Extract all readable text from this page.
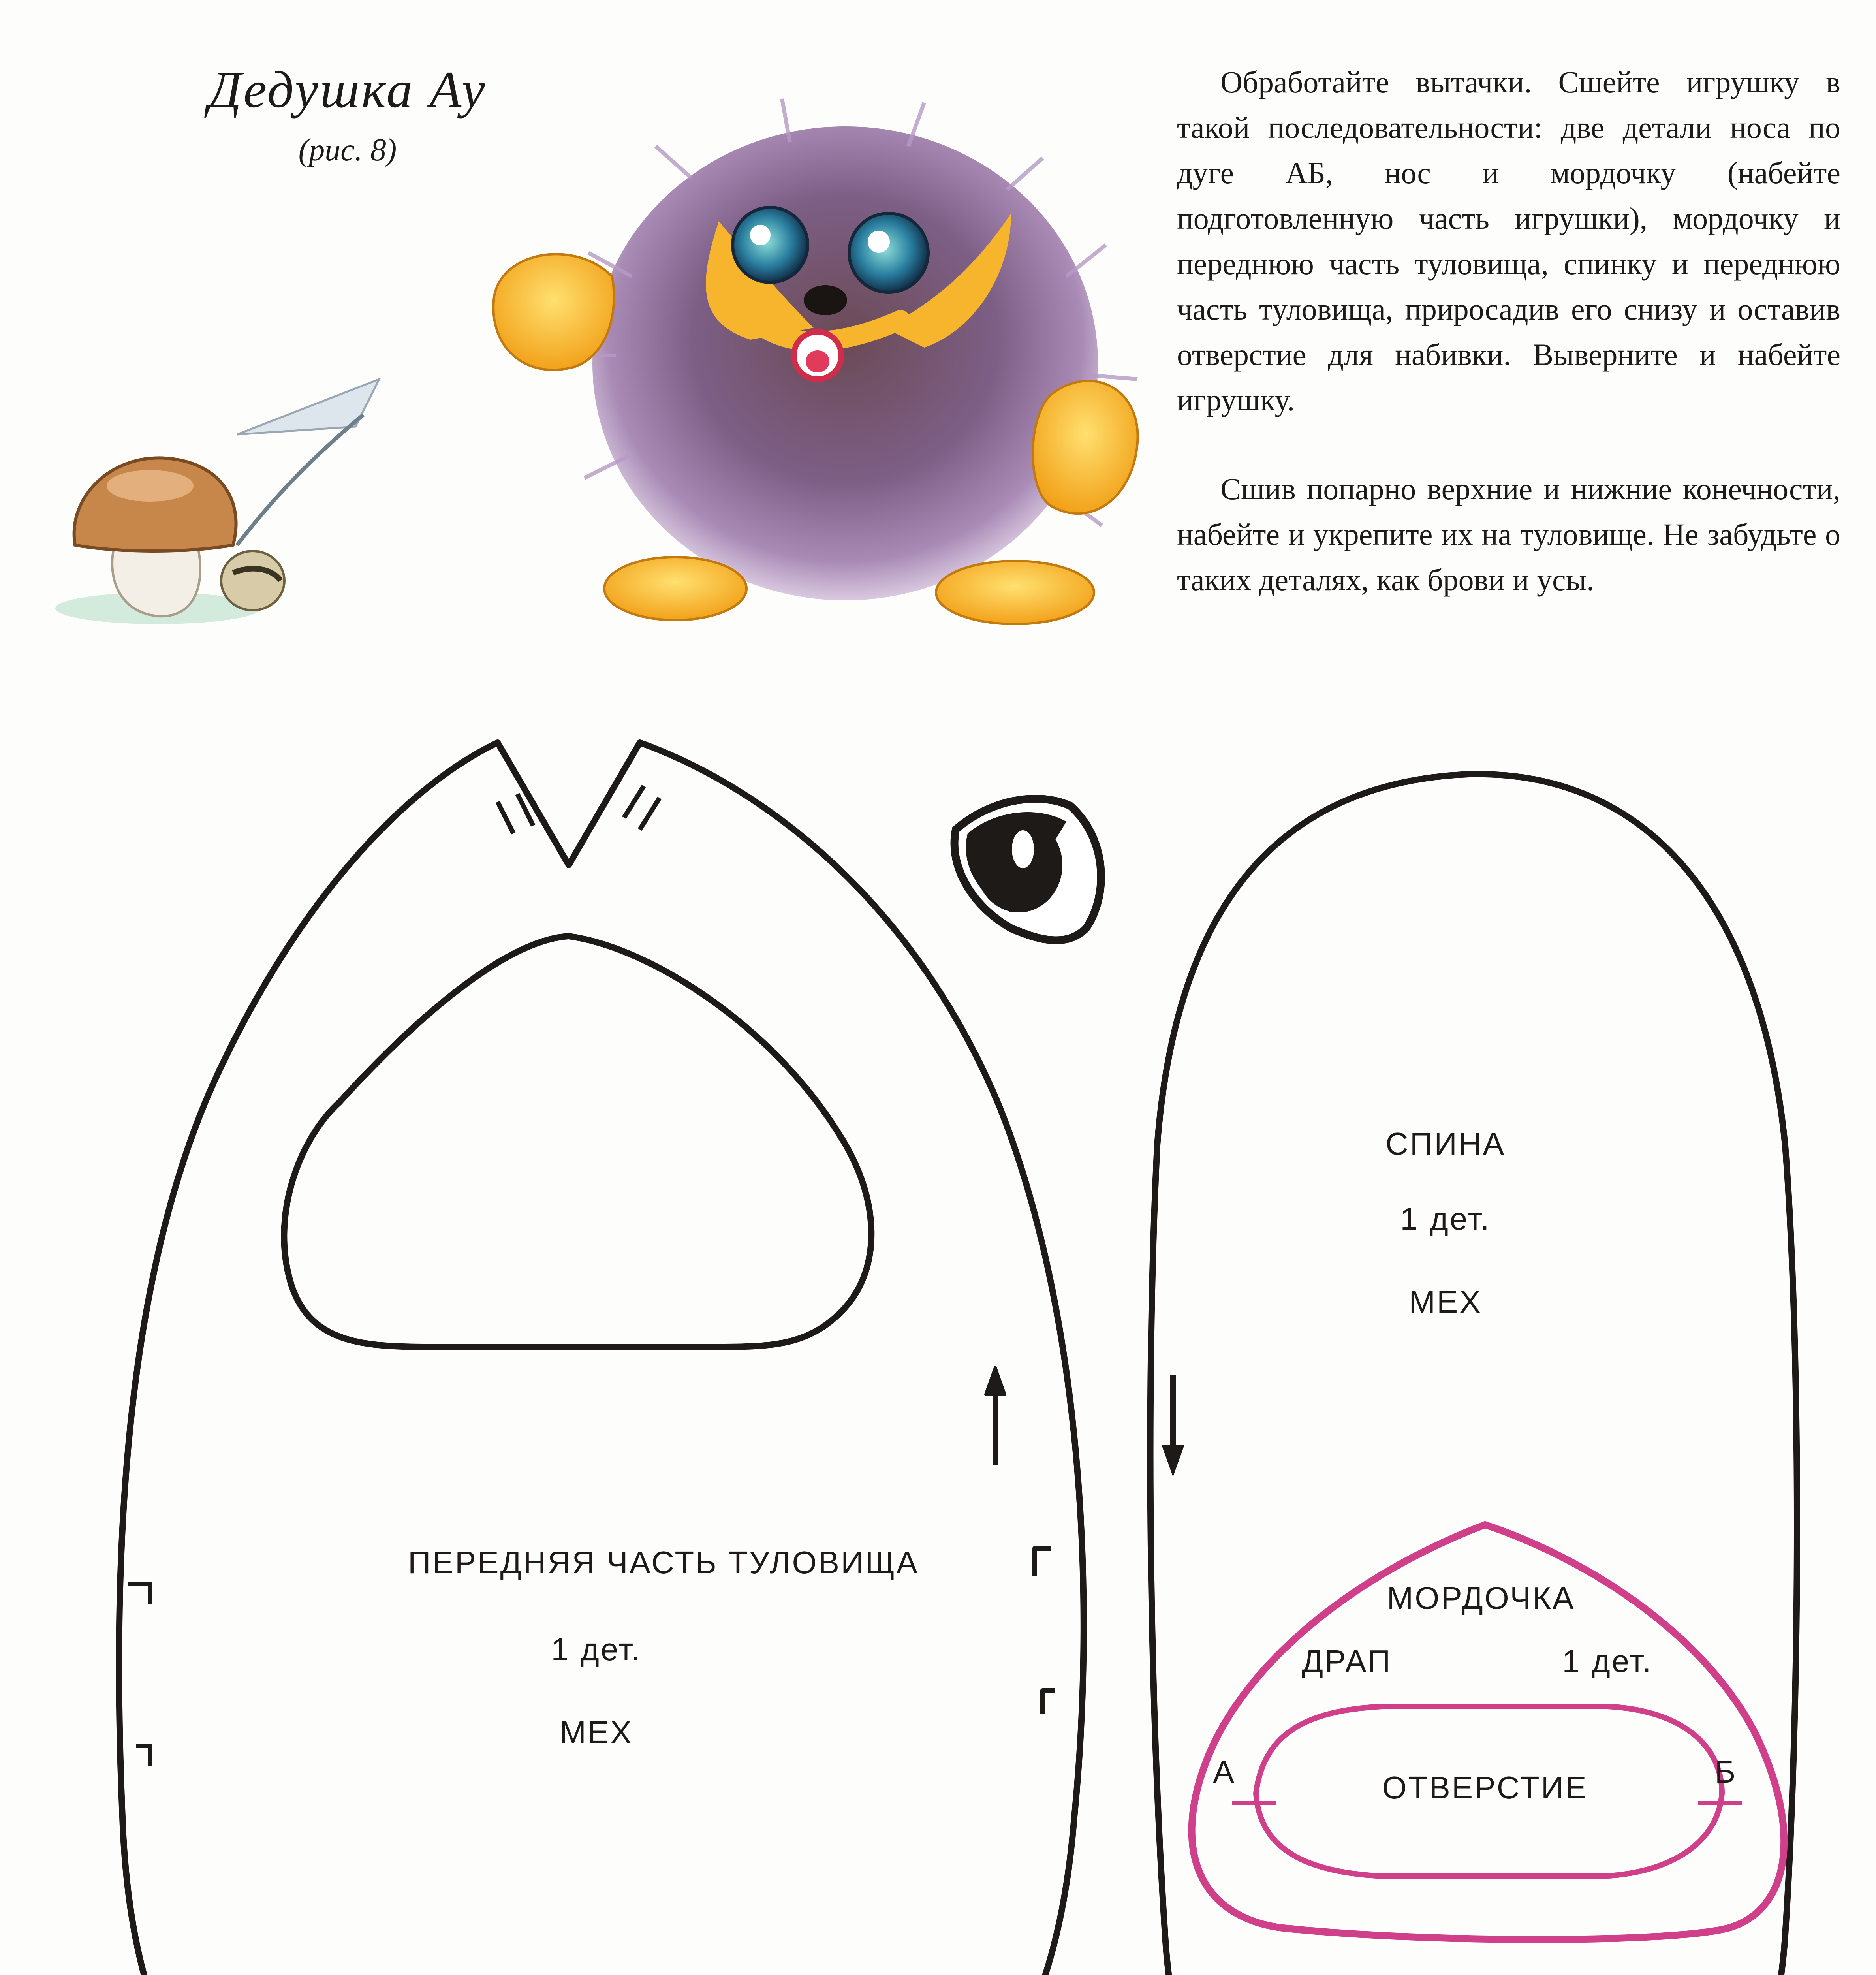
Дедушка Ау
(рис. 8)

Обработайте вытачки. Сшейте игрушку в такой последовательности: две детали носа по дуге АБ, нос и мордочку (набейте подготовленную часть игрушки), мордочку и переднюю часть туловища, спинку и переднюю часть туловища, приросадив его снизу и оставив отверстие для набивки. Выверните и набейте игрушку.

Сшив попарно верхние и нижние конечности, набейте и укрепите их на туловище. Не забудьте о таких деталях, как брови и усы.

ПЕРЕДНЯЯ ЧАСТЬ ТУЛОВИЩА
1 дет.
МЕХ
СПИНА
1 дет.
МЕХ
МОРДОЧКА
ДРАП	1 дет.
ОТВЕРСТИЕ
А	Б
